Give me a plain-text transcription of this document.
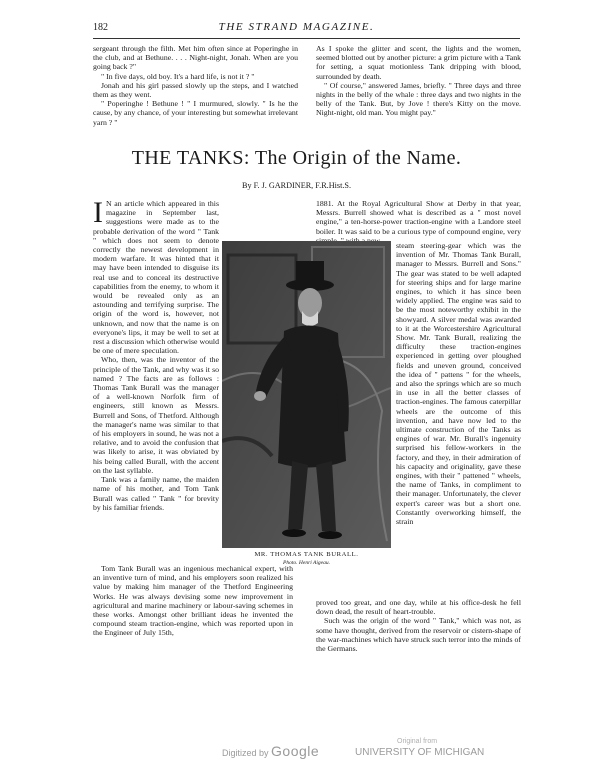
182	THE STRAND MAGAZINE.

sergeant through the filth. Met him often since at Poperinghe in the club, and at Bethune. . . . Night-night, Jonah. When are you going back ?"

" In five days, old boy. It's a hard life, is not it ? "

Jonah and his girl passed slowly up the steps, and I watched them as they went.

" Poperinghe ! Bethune ! " I murmured, slowly. " Is he the cause, by any chance, of your interesting but somewhat irrelevant yarn ? "

As I spoke the glitter and scent, the lights and the women, seemed blotted out by another picture: a grim picture with a Tank for setting, a squat motionless Tank dripping with blood, surrounded by death.

" Of course," answered James, briefly. " Three days and three nights in the belly of the whale : three days and two nights in the belly of the Tank. But, by Jove ! there's Kitty on the move. Night-night, old man. You might pay."

THE TANKS: The Origin of the Name.
By F. J. GARDINER, F.R.Hist.S.

I N an article which appeared in this magazine in September last, suggestions were made as to the probable derivation of the word " Tank " which does not seem to denote correctly the newest development in modern warfare. It was hinted that it may have been intended to disguise its real use and to conceal its destructive capabilities from the enemy, to whom it would be revealed only as an astounding and terrifying surprise. The origin of the word is, however, not unknown, and now that the name is on everyone's lips, it may be well to set at rest a discussion which otherwise would be one of mere speculation.

Who, then, was the inventor of the principle of the Tank, and why was it so named ? The facts are as follows : Thomas Tank Burall was the manager of a well-known Norfolk firm of engineers, still known as Messrs. Burrell and Sons, of Thetford. Although the manager's name was similar to that of his employers in sound, he was not a relative, and to avoid the confusion that was likely to arise, it was obviated by his being called Burall, with the accent on the last syllable.

Tank was a family name, the maiden name of his mother, and Tom Tank Burall was called " Tank " for brevity by his familiar friends.

1881. At the Royal Agricultural Show at Derby in that year, Messrs. Burrell showed what is described as a " most novel engine," a ten-horse-power traction-engine with a Landore steel boiler. It was said to be a curious type of compound engine, very

MR. THOMAS TANK BURALL.
Photo. Henri Aigeau.

steam steering-gear which was the invention of Mr. Thomas Tank Burall, manager to Messrs. Burrell and Sons." The gear was stated to be well adapted for steering ships and for large marine engines, to which it has since been widely applied. The engine was said to be the most noteworthy exhibit in the showyard. A silver medal was awarded to it at the Worcestershire Agricultural Show. Mr. Tank Burall, realizing the difficulty these traction-engines experienced in getting over ploughed fields and uneven ground, conceived the idea of " pattens " for the wheels, and also the springs which are so much in use in all the better classes of traction-engines. The famous caterpillar wheels are the outcome of this invention, and have now led to the ultimate construction of the Tanks as engines of war. Mr. Burall's ingenuity surprised his fellow-workers in the factory, and they, in their admiration of his capacity and originality, gave these engines, with their " pattened " wheels, the name of Tanks, in compliment to their manager. Unfortunately, the clever expert's career was but a short one. Constantly overworking himself, the strain

Tom Tank Burall was an ingenious mechanical expert, with an inventive turn of mind, and his employers soon realized his value by making him manager of the Thetford Engineering Works. He was always devising some new improvement in agricultural and marine machinery or labour-saving schemes in these works. Amongst other brilliant ideas he invented the compound steam traction-engine, which was reported upon in the Engineer of July 15th,

proved too great, and one day, while at his office-desk he fell down dead, the result of heart-trouble.

Such was the origin of the word " Tank," which was not, as some have thought, derived from the reservoir or cistern-shape of the war-machines which have struck such terror into the minds of the Germans.

Digitized by Google
Original from
UNIVERSITY OF MICHIGAN
